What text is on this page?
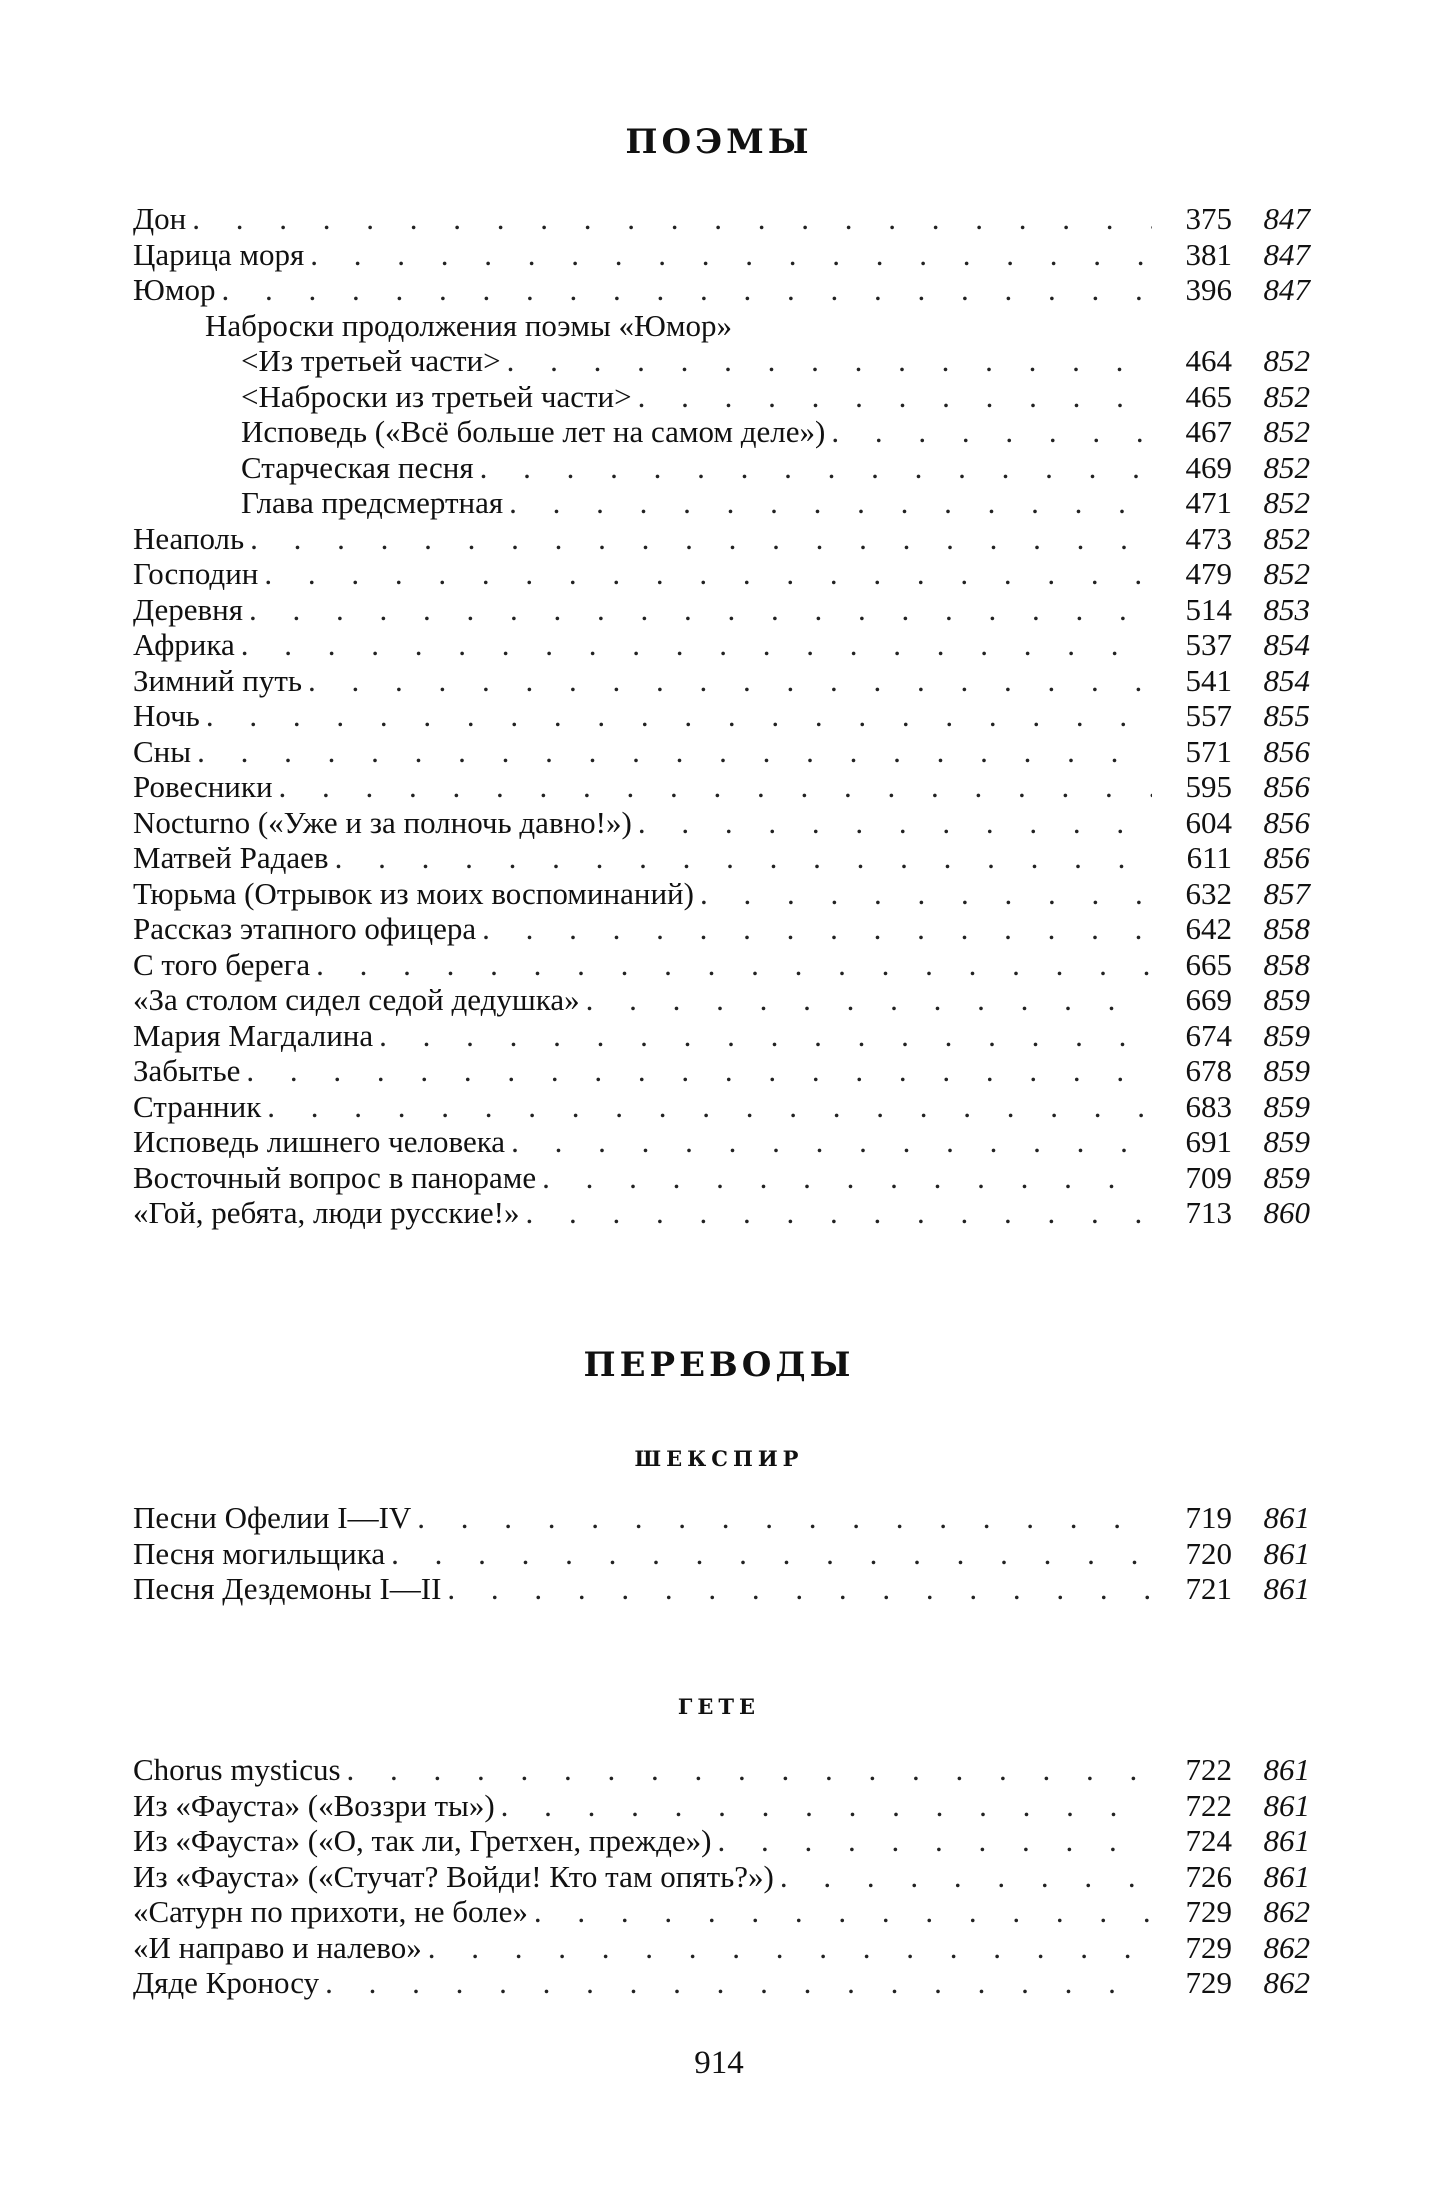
ПОЭМЫ
Дон . . .	375	847
Царица моря . . .	381	847
Юмор . . .	396	847
Наброски продолжения поэмы «Юмор»
<Из третьей части> . . .	464	852
<Наброски из третьей части> . . .	465	852
Исповедь («Всё больше лет на самом деле») . . .	467	852
Старческая песня . . .	469	852
Глава предсмертная . . .	471	852
Неаполь . . .	473	852
Господин . . .	479	852
Деревня . . .	514	853
Африка . . .	537	854
Зимний путь . . .	541	854
Ночь . . .	557	855
Сны . . .	571	856
Ровесники . . .	595	856
Nocturno («Уже и за полночь давно!») . . .	604	856
Матвей Радаев . . .	611	856
Тюрьма (Отрывок из моих воспоминаний) . . .	632	857
Рассказ этапного офицера . . .	642	858
С того берега . . .	665	858
«За столом сидел седой дедушка» . . .	669	859
Мария Магдалина . . .	674	859
Забытье . . .	678	859
Странник . . .	683	859
Исповедь лишнего человека . . .	691	859
Восточный вопрос в панораме . . .	709	859
«Гой, ребята, люди русские!» . . .	713	860
ПЕРЕВОДЫ
ШЕКСПИР
Песни Офелии I—IV . . .	719	861
Песня могильщика . . .	720	861
Песня Дездемоны I—II . . .	721	861
ГЕТЕ
Chorus mysticus . . .	722	861
Из «Фауста» («Воззри ты») . . .	722	861
Из «Фауста» («О, так ли, Гретхен, прежде») . . .	724	861
Из «Фауста» («Стучат? Войди! Кто там опять?») . . .	726	861
«Сатурн по прихоти, не боле» . . .	729	862
«И направо и налево» . . .	729	862
Дяде Кроносу . . .	729	862
914
